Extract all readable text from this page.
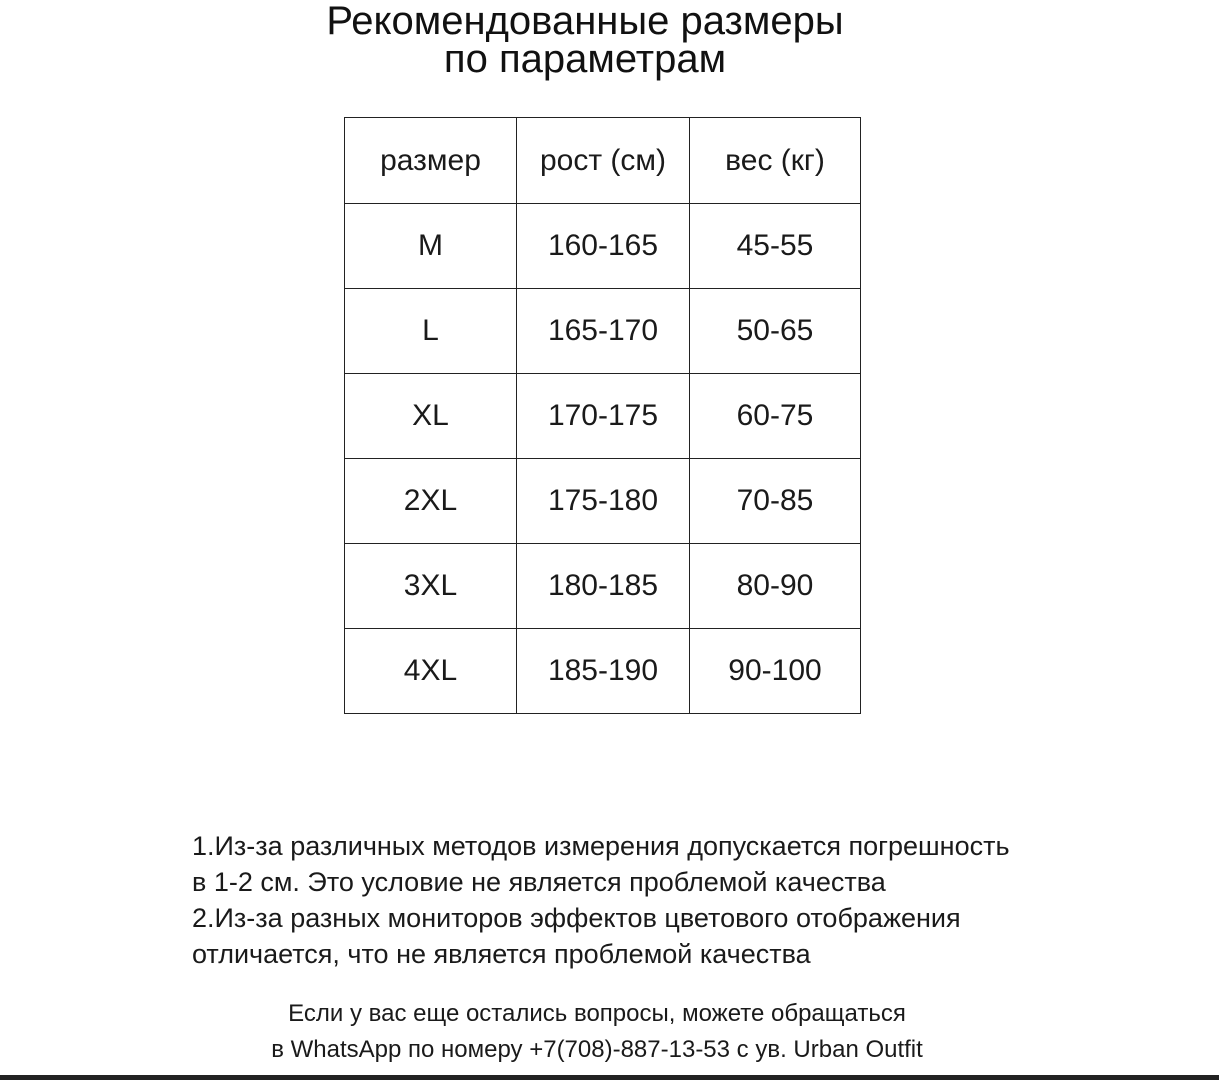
Рекомендованные размеры
по параметрам
размер	рост (см)	вес (кг)
M	160-165	45-55
L	165-170	50-65
XL	170-175	60-75
2XL	175-180	70-85
3XL	180-185	80-90
4XL	185-190	90-100
1.Из-за различных методов измерения допускается погрешность
в 1-2 см. Это условие не является проблемой качества
2.Из-за разных мониторов эффектов цветового отображения
отличается, что не является проблемой качества
Если у вас еще остались вопросы, можете обращаться
в WhatsApp по номеру +7(708)-887-13-53 с ув. Urban Outfit
